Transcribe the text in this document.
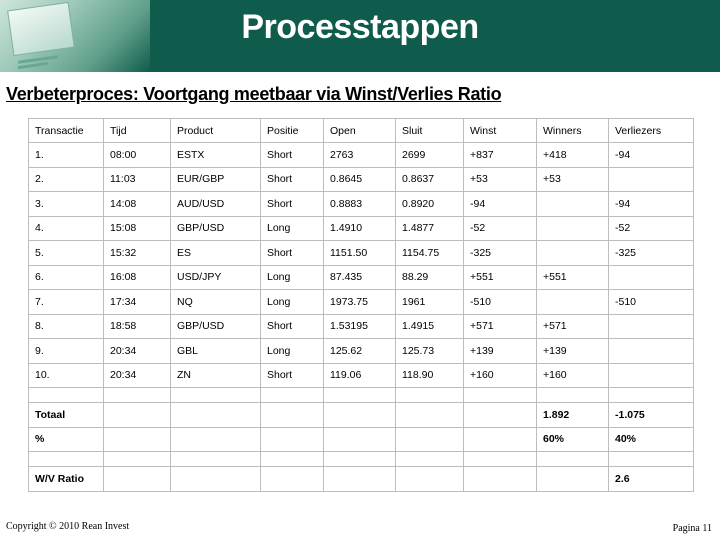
Processtappen
Verbeterproces: Voortgang meetbaar via Winst/Verlies Ratio
Transactie	Tijd	Product	Positie	Open	Sluit	Winst	Winners	Verliezers
1.	08:00	ESTX	Short	2763	2699	+837	+418	-94
2.	11:03	EUR/GBP	Short	0.8645	0.8637	+53	+53	
3.	14:08	AUD/USD	Short	0.8883	0.8920	-94		-94
4.	15:08	GBP/USD	Long	1.4910	1.4877	-52		-52
5.	15:32	ES	Short	1151.50	1154.75	-325		-325
6.	16:08	USD/JPY	Long	87.435	88.29	+551	+551	
7.	17:34	NQ	Long	1973.75	1961	-510		-510
8.	18:58	GBP/USD	Short	1.53195	1.4915	+571	+571	
9.	20:34	GBL	Long	125.62	125.73	+139	+139	
10.	20:34	ZN	Short	119.06	118.90	+160	+160	

Totaal							1.892	-1.075
%							60%	40%

W/V Ratio								2.6
Copyright © 2010 Rean Invest	Pagina 11
